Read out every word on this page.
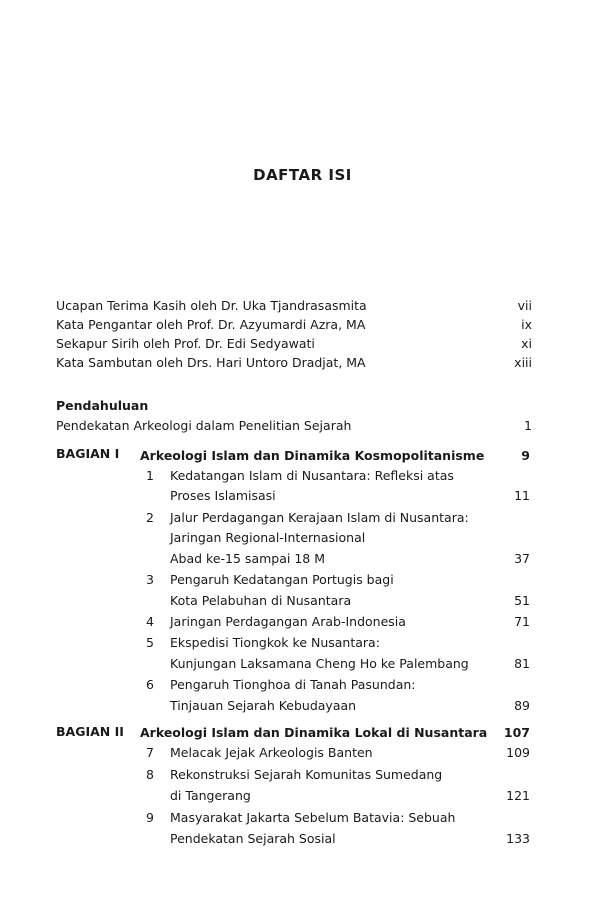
DAFTAR ISI
Ucapan Terima Kasih oleh Dr. Uka Tjandrasasmita	vii
Kata Pengantar oleh Prof. Dr. Azyumardi Azra, MA	ix
Sekapur Sirih oleh Prof. Dr. Edi Sedyawati	xi
Kata Sambutan oleh Drs. Hari Untoro Dradjat, MA	xiii
Pendahuluan
Pendekatan Arkeologi dalam Penelitian Sejarah	1
BAGIAN I Arkeologi Islam dan Dinamika Kosmopolitanisme	9
1 Kedatangan Islam di Nusantara: Refleksi atas
Proses Islamisasi	11
2 Jalur Perdagangan Kerajaan Islam di Nusantara:
Jaringan Regional-Internasional
Abad ke-15 sampai 18 M	37
3 Pengaruh Kedatangan Portugis bagi
Kota Pelabuhan di Nusantara	51
4 Jaringan Perdagangan Arab-Indonesia	71
5 Ekspedisi Tiongkok ke Nusantara:
Kunjungan Laksamana Cheng Ho ke Palembang	81
6 Pengaruh Tionghoa di Tanah Pasundan:
Tinjauan Sejarah Kebudayaan	89
BAGIAN II Arkeologi Islam dan Dinamika Lokal di Nusantara 107
7 Melacak Jejak Arkeologis Banten	109
8 Rekonstruksi Sejarah Komunitas Sumedang
di Tangerang	121
9 Masyarakat Jakarta Sebelum Batavia: Sebuah
Pendekatan Sejarah Sosial	133
